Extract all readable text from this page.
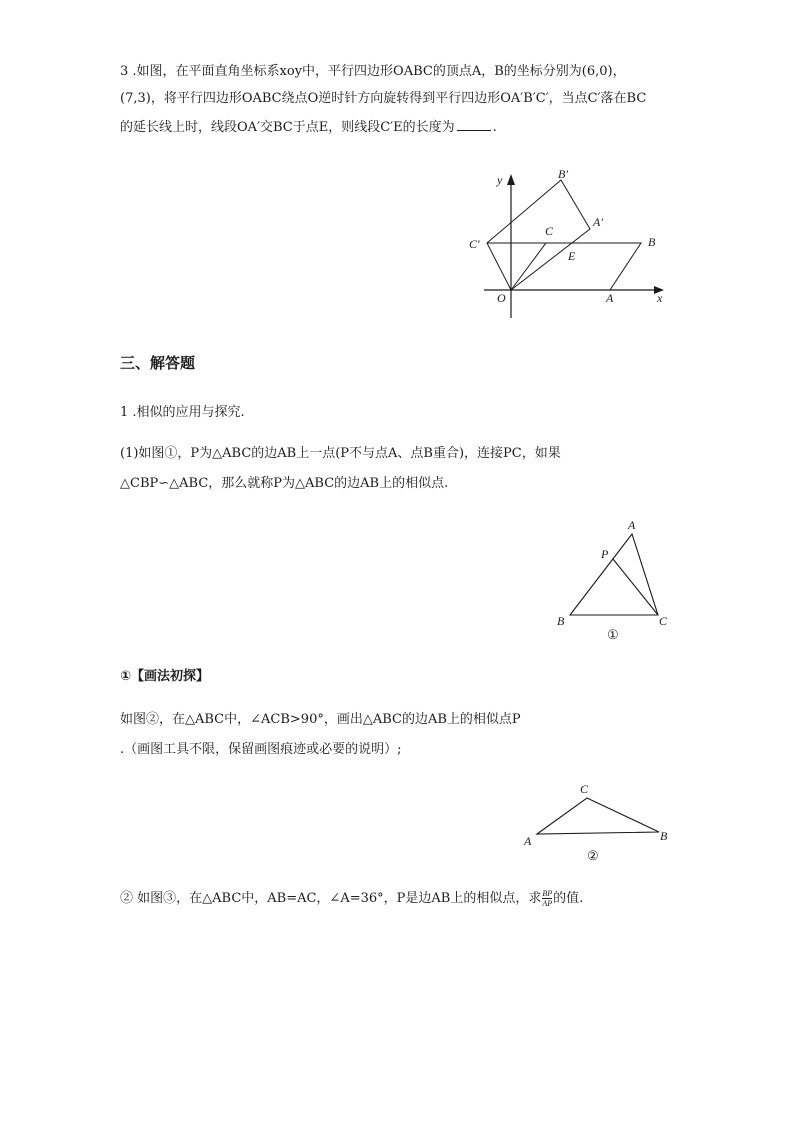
3 .如图，在平面直角坐标系xoy中，平行四边形OABC的顶点A，B的坐标分别为(6,0)，
(7,3)，将平行四边形OABC绕点O逆时针方向旋转得到平行四边形OA′B′C′，当点C′落在BC
的延长线上时，线段OA′交BC于点E，则线段C′E的长度为	.
y
x
O	A
B
C
A′
B′
C′
E
三、解答题
1 .相似的应用与探究.
(1)如图①，P为△ABC的边AB上一点(P不与点A、点B重合)，连接PC，如果
△CBP∽△ABC，那么就称P为△ABC的边AB上的相似点.
A
P
B	C
①
①【画法初探】
如图②，在△ABC中，∠ACB>90°，画出△ABC的边AB上的相似点P
.（画图工具不限，保留画图痕迹或必要的说明）;
C
A	B
②
② 如图③，在△ABC中，AB=AC，∠A=36°，P是边AB上的相似点，求 $\frac{BP}{AP}$ 的值.
